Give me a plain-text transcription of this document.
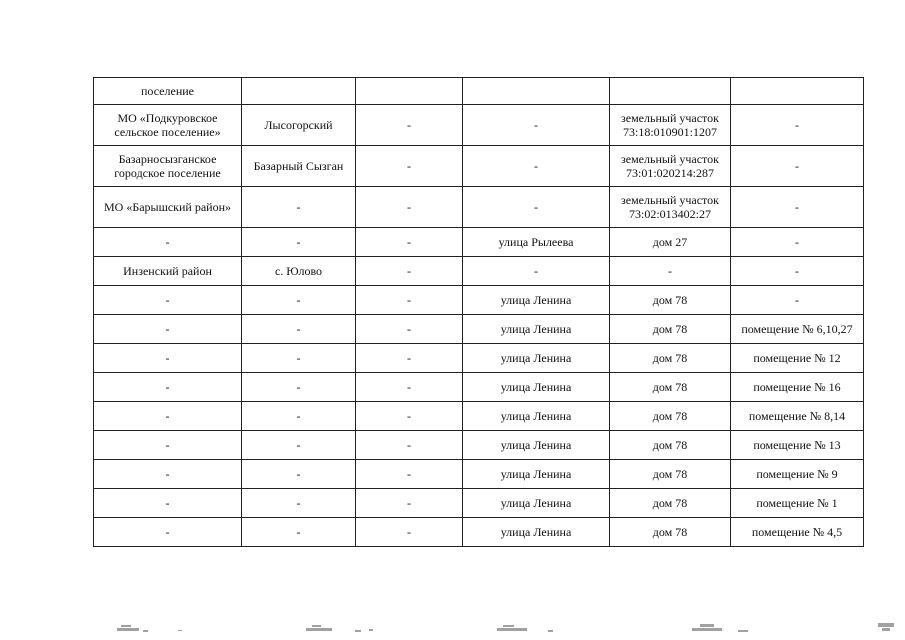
поселение					
МО «Подкуровское сельское поселение»	Лысогорский	-	-	земельный участок 73:18:010901:1207	-
Базарносызганское городское поселение	Базарный Сызган	-	-	земельный участок 73:01:020214:287	-
МО «Барышский район»	-	-	-	земельный участок 73:02:013402:27	-
-	-	-	улица Рылеева	дом 27	-
Инзенский район	с. Юлово	-	-	-	-
-	-	-	улица Ленина	дом 78	-
-	-	-	улица Ленина	дом 78	помещение № 6,10,27
-	-	-	улица Ленина	дом 78	помещение № 12
-	-	-	улица Ленина	дом 78	помещение № 16
-	-	-	улица Ленина	дом 78	помещение № 8,14
-	-	-	улица Ленина	дом 78	помещение № 13
-	-	-	улица Ленина	дом 78	помещение № 9
-	-	-	улица Ленина	дом 78	помещение № 1
-	-	-	улица Ленина	дом 78	помещение № 4,5
